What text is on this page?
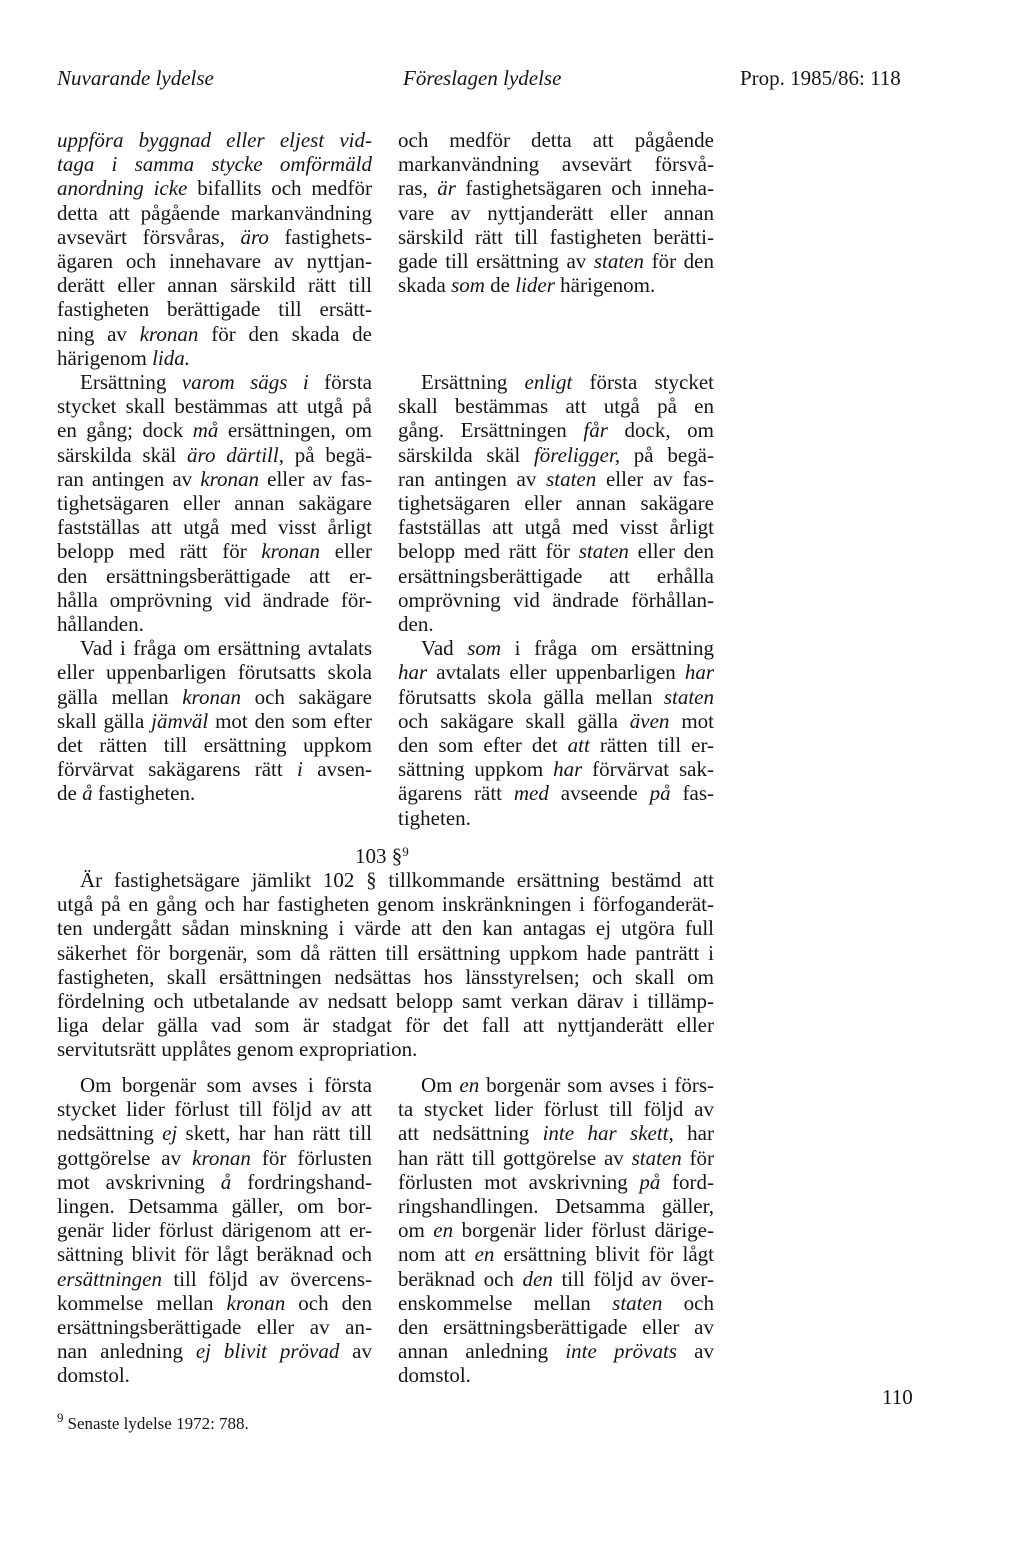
Nuvarande lydelse	Föreslagen lydelse	Prop. 1985/86: 118
uppföra byggnad eller eljest vid-
taga i samma stycke omförmäld
anordning icke bifallits och medför
detta att pågående markanvändning
avsevärt försvåras, äro fastighets-
ägaren och innehavare av nyttjan-
derätt eller annan särskild rätt till
fastigheten berättigade till ersätt-
ning av kronan för den skada de
härigenom lida.
och medför detta att pågående
markanvändning avsevärt försvå-
ras, är fastighetsägaren och inneha-
vare av nyttjanderätt eller annan
särskild rätt till fastigheten berätti-
gade till ersättning av staten för den
skada som de lider härigenom.
Ersättning varom sägs i första
stycket skall bestämmas att utgå på
en gång; dock må ersättningen, om
särskilda skäl äro därtill, på begä-
ran antingen av kronan eller av fas-
tighetsägaren eller annan sakägare
fastställas att utgå med visst årligt
belopp med rätt för kronan eller
den ersättningsberättigade att er-
hålla omprövning vid ändrade för-
hållanden.
Ersättning enligt första stycket
skall bestämmas att utgå på en
gång. Ersättningen får dock, om
särskilda skäl föreligger, på begä-
ran antingen av staten eller av fas-
tighetsägaren eller annan sakägare
fastställas att utgå med visst årligt
belopp med rätt för staten eller den
ersättningsberättigade att erhålla
omprövning vid ändrade förhållan-
den.
Vad i fråga om ersättning avtalats
eller uppenbarligen förutsatts skola
gälla mellan kronan och sakägare
skall gälla jämväl mot den som efter
det rätten till ersättning uppkom
förvärvat sakägarens rätt i avsen-
de å fastigheten.
Vad som i fråga om ersättning
har avtalats eller uppenbarligen har
förutsatts skola gälla mellan staten
och sakägare skall gälla även mot
den som efter det att rätten till er-
sättning uppkom har förvärvat sak-
ägarens rätt med avseende på fas-
tigheten.
103 §$^9$
Är fastighetsägare jämlikt 102 § tillkommande ersättning bestämd att
utgå på en gång och har fastigheten genom inskränkningen i förfoganderät-
ten undergått sådan minskning i värde att den kan antagas ej utgöra full
säkerhet för borgenär, som då rätten till ersättning uppkom hade panträtt i
fastigheten, skall ersättningen nedsättas hos länsstyrelsen; och skall om
fördelning och utbetalande av nedsatt belopp samt verkan därav i tillämp-
liga delar gälla vad som är stadgat för det fall att nyttjanderätt eller
servitutsrätt upplåtes genom expropriation.
Om borgenär som avses i första
stycket lider förlust till följd av att
nedsättning ej skett, har han rätt till
gottgörelse av kronan för förlusten
mot avskrivning å fordringshand-
lingen. Detsamma gäller, om bor-
genär lider förlust därigenom att er-
sättning blivit för lågt beräknad och
ersättningen till följd av övercens-
kommelse mellan kronan och den
ersättningsberättigade eller av an-
nan anledning ej blivit prövad av
domstol.
Om en borgenär som avses i förs-
ta stycket lider förlust till följd av
att nedsättning inte har skett, har
han rätt till gottgörelse av staten för
förlusten mot avskrivning på ford-
ringshandlingen. Detsamma gäller,
om en borgenär lider förlust därige-
nom att en ersättning blivit för lågt
beräknad och den till följd av över-
enskommelse mellan staten och
den ersättningsberättigade eller av
annan anledning inte prövats av
domstol.
$^9$ Senaste lydelse 1972: 788.
110
